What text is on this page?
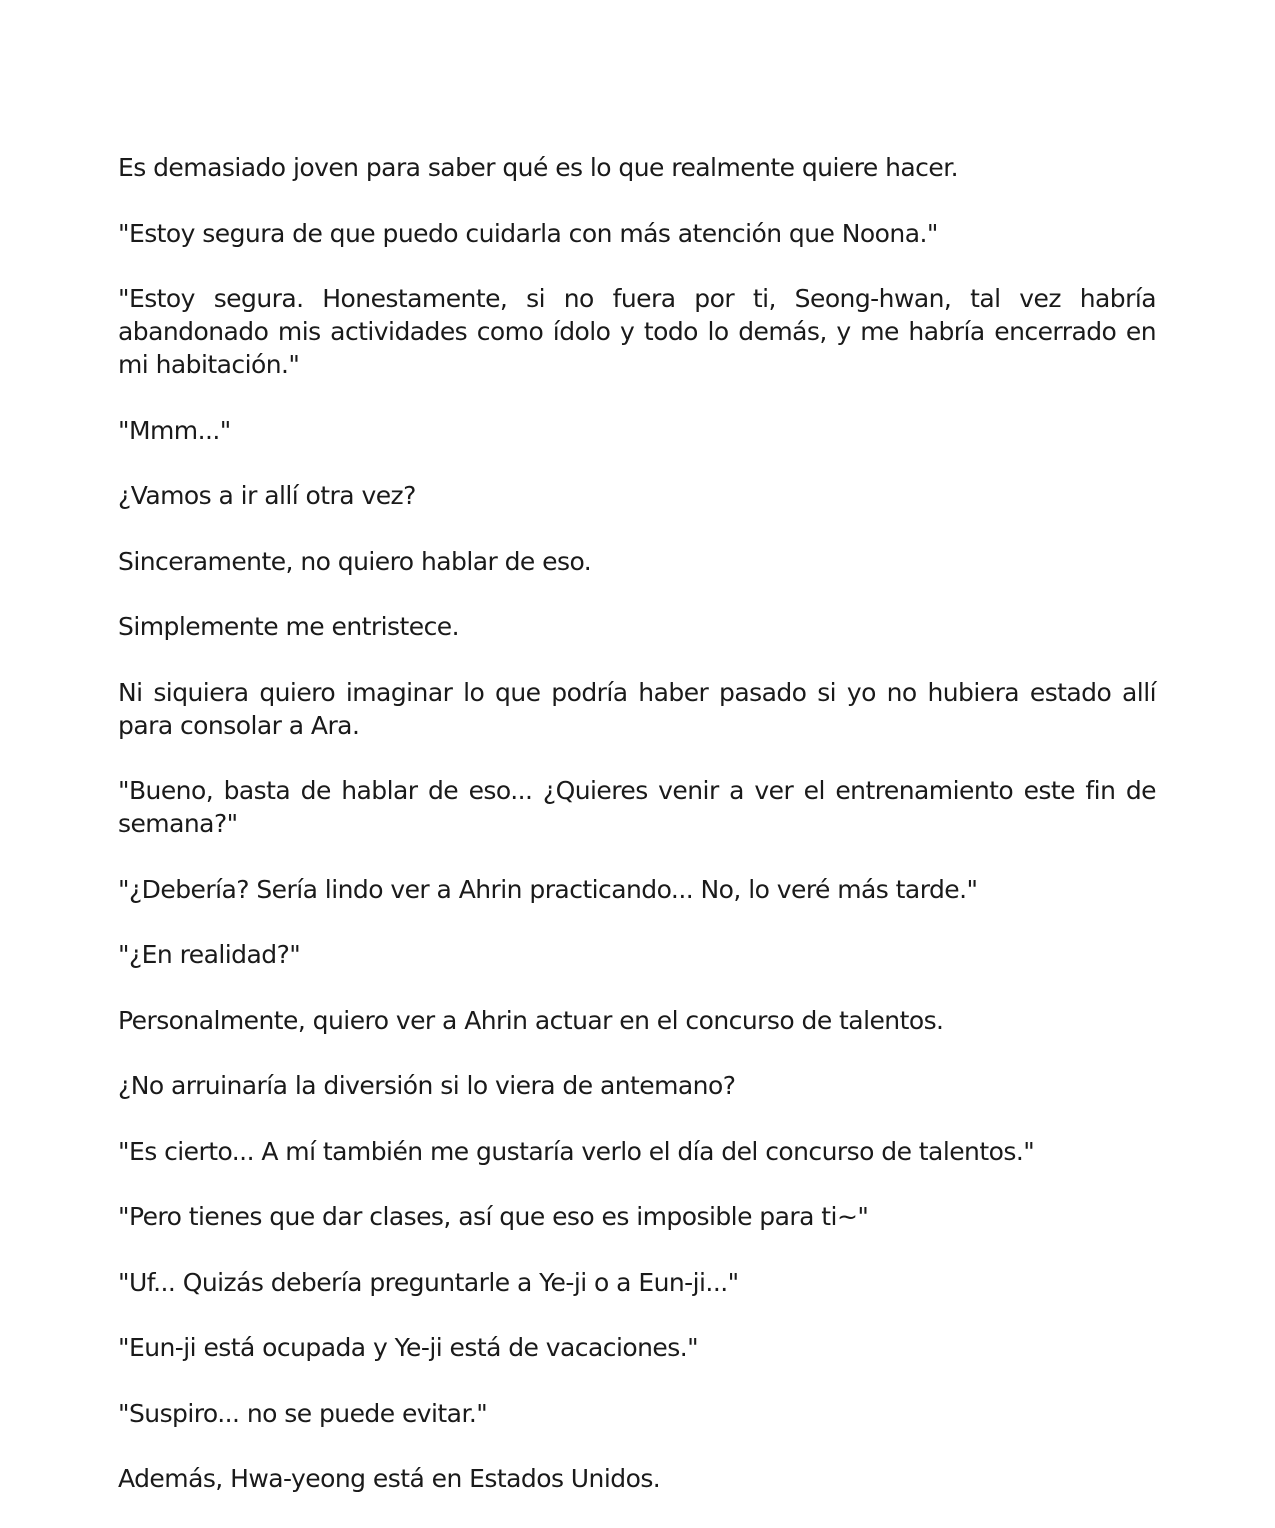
Es demasiado joven para saber qué es lo que realmente quiere hacer.

"Estoy segura de que puedo cuidarla con más atención que Noona."

"Estoy segura. Honestamente, si no fuera por ti, Seong-hwan, tal vez habría abandonado mis actividades como ídolo y todo lo demás, y me habría encerrado en mi habitación."

"Mmm..."

¿Vamos a ir allí otra vez?

Sinceramente, no quiero hablar de eso.

Simplemente me entristece.

Ni siquiera quiero imaginar lo que podría haber pasado si yo no hubiera estado allí para consolar a Ara.

"Bueno, basta de hablar de eso... ¿Quieres venir a ver el entrenamiento este fin de semana?"

"¿Debería? Sería lindo ver a Ahrin practicando... No, lo veré más tarde."

"¿En realidad?"

Personalmente, quiero ver a Ahrin actuar en el concurso de talentos.

¿No arruinaría la diversión si lo viera de antemano?

"Es cierto... A mí también me gustaría verlo el día del concurso de talentos."

"Pero tienes que dar clases, así que eso es imposible para ti~"

"Uf... Quizás debería preguntarle a Ye-ji o a Eun-ji..."

"Eun-ji está ocupada y Ye-ji está de vacaciones."

"Suspiro... no se puede evitar."

Además, Hwa-yeong está en Estados Unidos.
